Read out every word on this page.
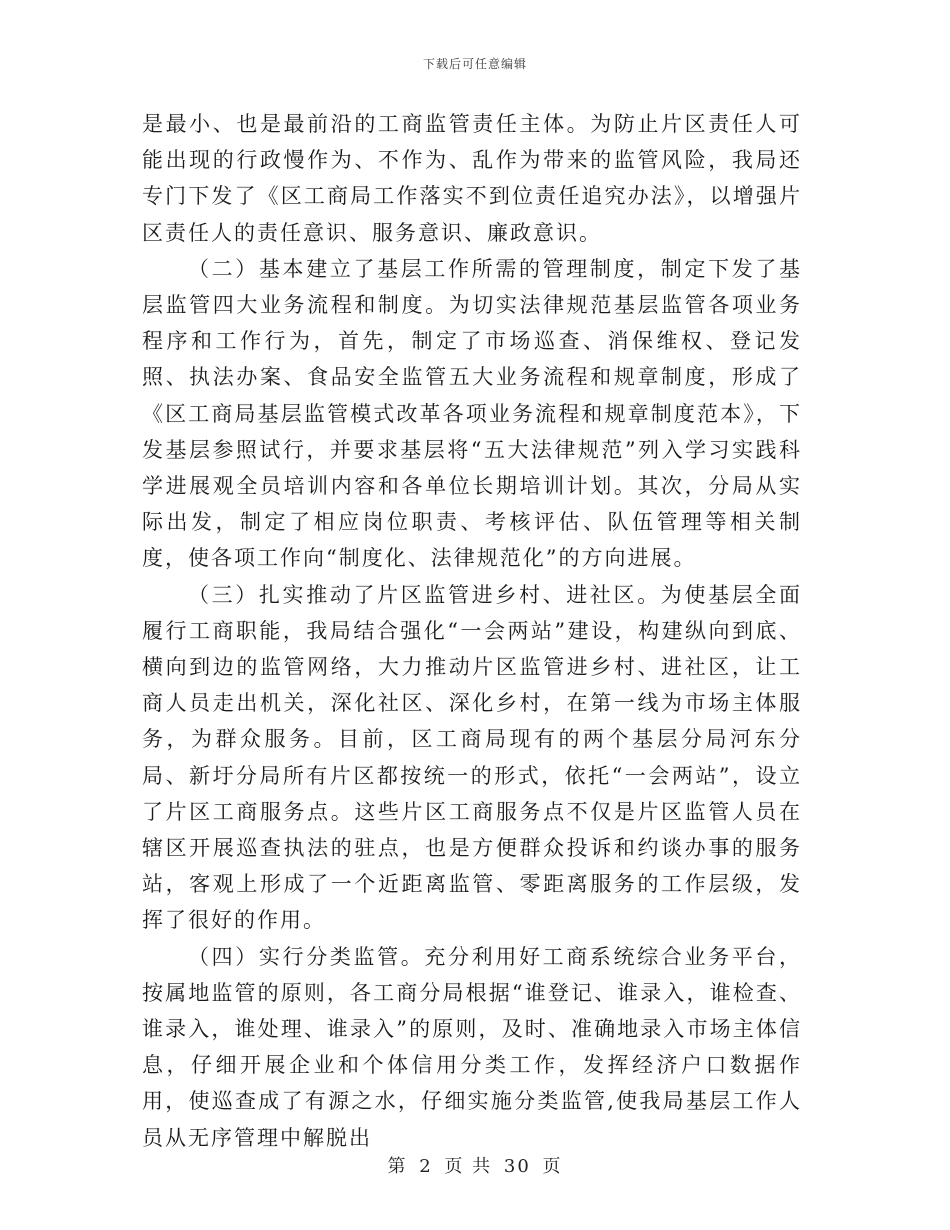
下载后可任意编辑

是最小、也是最前沿的工商监管责任主体。为防止片区责任人可能出现的行政慢作为、不作为、乱作为带来的监管风险，我局还专门下发了《区工商局工作落实不到位责任追究办法》，以增强片区责任人的责任意识、服务意识、廉政意识。

（二）基本建立了基层工作所需的管理制度，制定下发了基层监管四大业务流程和制度。为切实法律规范基层监管各项业务程序和工作行为，首先，制定了市场巡查、消保维权、登记发照、执法办案、食品安全监管五大业务流程和规章制度，形成了《区工商局基层监管模式改革各项业务流程和规章制度范本》，下发基层参照试行，并要求基层将“五大法律规范”列入学习实践科学进展观全员培训内容和各单位长期培训计划。其次，分局从实际出发，制定了相应岗位职责、考核评估、队伍管理等相关制度，使各项工作向“制度化、法律规范化”的方向进展。

（三）扎实推动了片区监管进乡村、进社区。为使基层全面履行工商职能，我局结合强化“一会两站”建设，构建纵向到底、横向到边的监管网络，大力推动片区监管进乡村、进社区，让工商人员走出机关，深化社区、深化乡村，在第一线为市场主体服务，为群众服务。目前，区工商局现有的两个基层分局河东分局、新圩分局所有片区都按统一的形式，依托“一会两站”，设立了片区工商服务点。这些片区工商服务点不仅是片区监管人员在辖区开展巡查执法的驻点，也是方便群众投诉和约谈办事的服务站，客观上形成了一个近距离监管、零距离服务的工作层级，发挥了很好的作用。

（四）实行分类监管。充分利用好工商系统综合业务平台，按属地监管的原则，各工商分局根据“谁登记、谁录入，谁检查、谁录入，谁处理、谁录入”的原则，及时、准确地录入市场主体信息，仔细开展企业和个体信用分类工作，发挥经济户口数据作用，使巡查成了有源之水，仔细实施分类监管,使我局基层工作人员从无序管理中解脱出

第 2 页 共 30 页
